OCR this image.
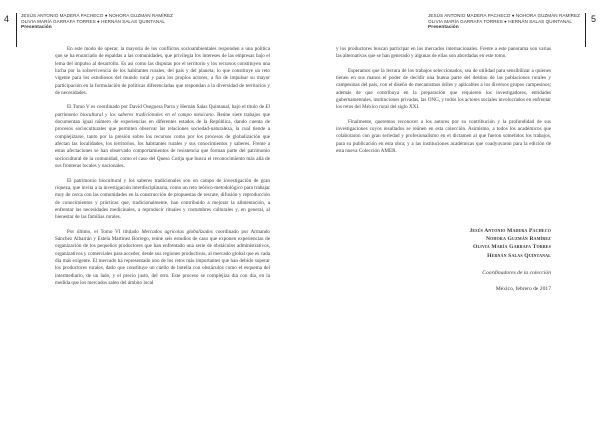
4	JESÚS ANTONIO MADERA PACHECO ● NOHORA GUZMÁN RAMÍREZ
OLIVIA MARÍA GARRAFA TORRES ● HERNÁN SALAS QUINTANAL
Presentación

En este modo de operar, la mayoría de los conflictos socioambientales responden a una política que se ha enunciado de espaldas a las comunidades, que privilegia los intereses de las empresas bajo el lema del impulso al desarrollo. Es así como las disputas por el territorio y los recursos constituyen una lucha por la sobrevivencia de los habitantes rurales, del país y del planeta; lo que constituye un reto vigente para los estudiosos del mundo rural y para los propios actores, a fin de impulsar su mayor participación en la formulación de políticas diferenciadas que respondan a la diversidad de territorios y de necesidades.

El Tomo V es coordinado por David Oseguera Parra y Hernán Salas Quintanal, bajo el título de El patrimonio biocultural y los saberes tradicionales en el campo mexicano. Reúne siete trabajos que documentan igual número de experiencias en diferentes estados de la República, dando cuenta de procesos socioculturales que permiten observar las relaciones sociedad-naturaleza, la cual tiende a complejizarse, tanto por la presión sobre los recursos como por los procesos de globalización que afectan las localidades, los territorios, los habitantes rurales y sus conocimientos y saberes. Frente a estas afectaciones se han observado comportamientos de resistencia que forman parte del patrimonio sociocultural de la comunidad, como el caso del Queso Cotija que busca el reconocimiento más allá de sus fronteras locales y nacionales.

El patrimonio biocultural y los saberes tradicionales son un campo de investigación de gran riqueza, que invita a la investigación interdisciplinaria, como un reto teórico-metodológico para trabajar muy de cerca con las comunidades en la construcción de propuestas de rescate, difusión y reproducción de conocimientos y prácticas que, tradicionalmente, han contribuido a mejorar la alimentación, a enfrentar las necesidades medicinales, a reproducir rituales y costumbres culturales y, en general, al bienestar de las familias rurales.

Por último, el Tomo VI titulado Mercados agrícolas globalizados coordinado por Armando Sánchez Albarrán y Estela Martínez Borrego, reúne seis estudios de caso que exponen experiencias de organización de los pequeños productores que han enfrentado una serie de obstáculos administrativos, organizativos y comerciales para acceder, desde sus regiones productivas, al mercado global que es cada día más exigente. El mercado ha representado uno de los retos más importantes que han debido superar los productores rurales, dado que constituye un cuello de botella con obstáculos como el esquema del intermediario, de un lado, y el precio justo, del otro. Este proceso se complejiza día con día, en la medida que los mercados salen del ámbito local

JESÚS ANTONIO MADERA PACHECO ● NOHORA GUZMÁN RAMÍREZ
OLIVIA MARÍA GARRAFA TORRES ● HERNÁN SALAS QUINTANAL
Presentación
5

y los productores buscan participar en los mercados internacionales. Frente a este panorama son varias las alternativas que se han generado y algunas de ellas son abordadas en este tomo.

Esperamos que la lectura de los trabajos seleccionados, sea de utilidad para sensibilizar a quienes tienen en sus manos el poder de decidir una buena parte del destino de las poblaciones rurales y campesinas del país, con el diseño de mecanismos útiles y aplicables a los diversos grupos campesinos; además de que contribuya en la preparación que requieren los investigadores, entidades gubernamentales, instituciones privadas, las ONG, y todos los actores sociales involucrados en enfrentar los retos del México rural del siglo XXI.

Finalmente, queremos reconocer a los autores por su contribución y la profundidad de sus investigaciones cuyos resultados se reúnen en esta colección. Asimismo, a todos los académicos que colaboraron con gran seriedad y profesionalismo en el dictamen al que fueron sometidos los trabajos, para su publicación en esta obra; y a las instituciones académicas que coadyuvaron para la edición de esta nueva Colección AMER.

Jesús Antonio Madera Pacheco
Nohora Guzmán Ramírez
Olivia María Garrafa Torres
Hernán Salas Quintanal
Coordinadores de la colección
México, febrero de 2017
